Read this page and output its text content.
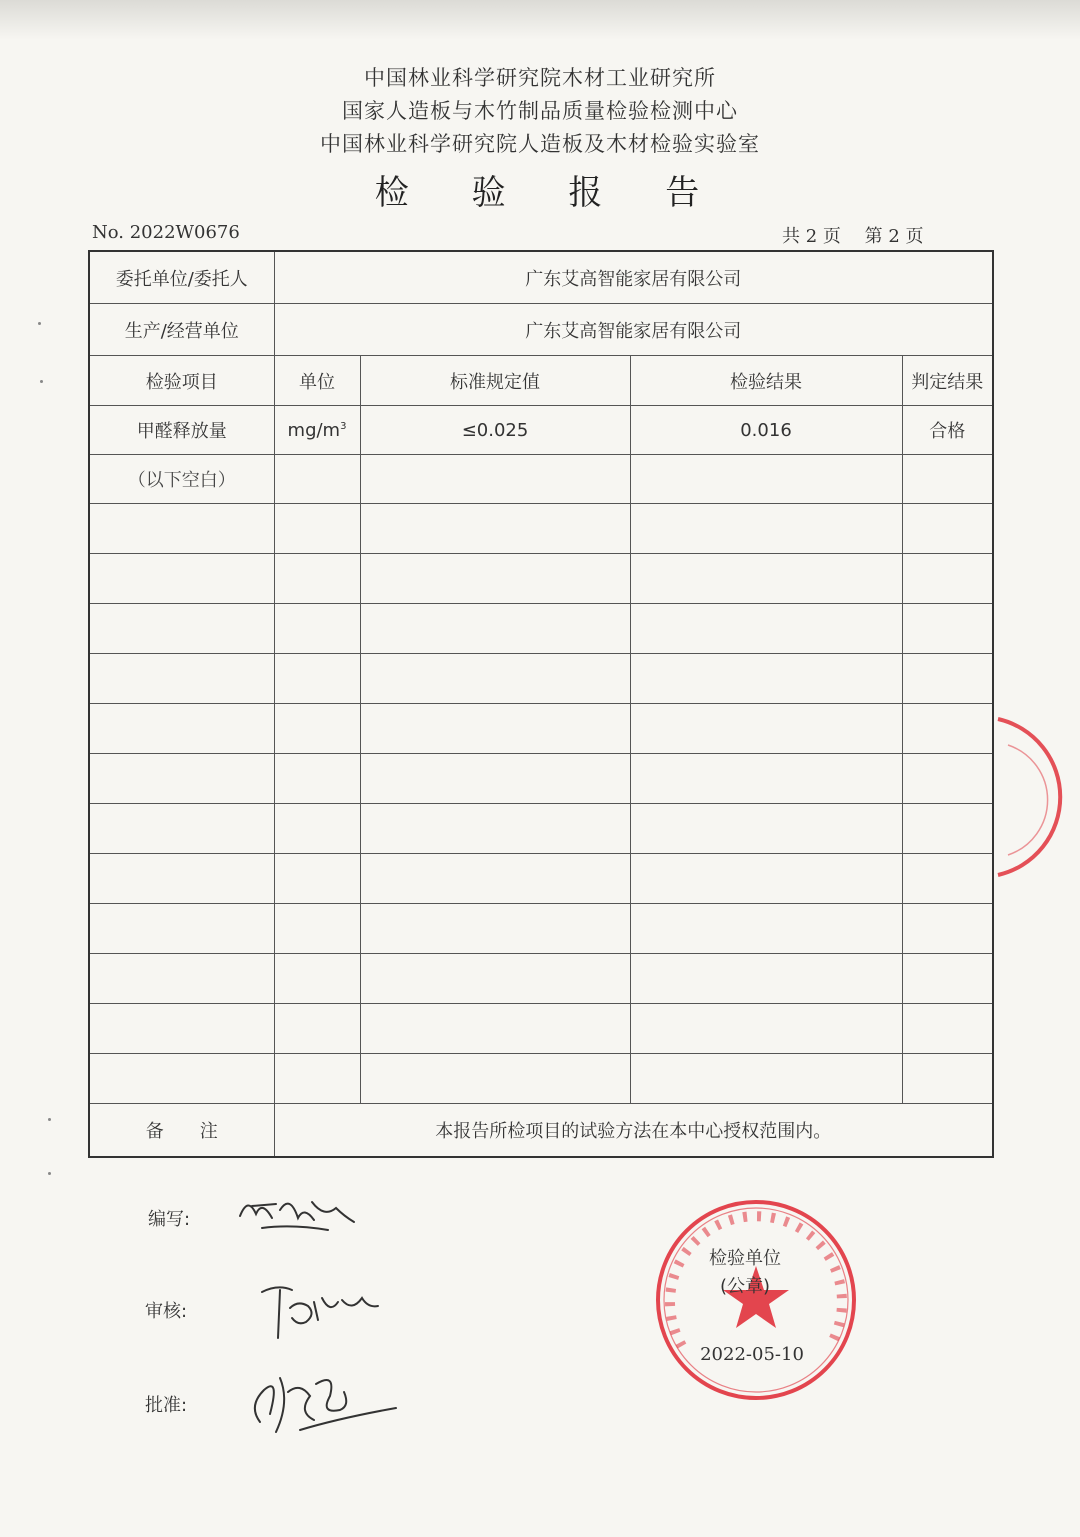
中国林业科学研究院木材工业研究所
国家人造板与木竹制品质量检验检测中心
中国林业科学研究院人造板及木材检验实验室
检 验 报 告
No. 2022W0676	共 2 页　 第 2 页
委托单位/委托人	广东艾高智能家居有限公司			
生产/经营单位	广东艾高智能家居有限公司			
检验项目	单位	标准规定值	检验结果	判定结果
甲醛释放量	$mg/m^3$	≤0.025	0.016	合格
（以下空白）				

备　　注	本报告所检项目的试验方法在本中心授权范围内。			
编写:
审核:
批准:
检验单位
(公章)
2022-05-10
